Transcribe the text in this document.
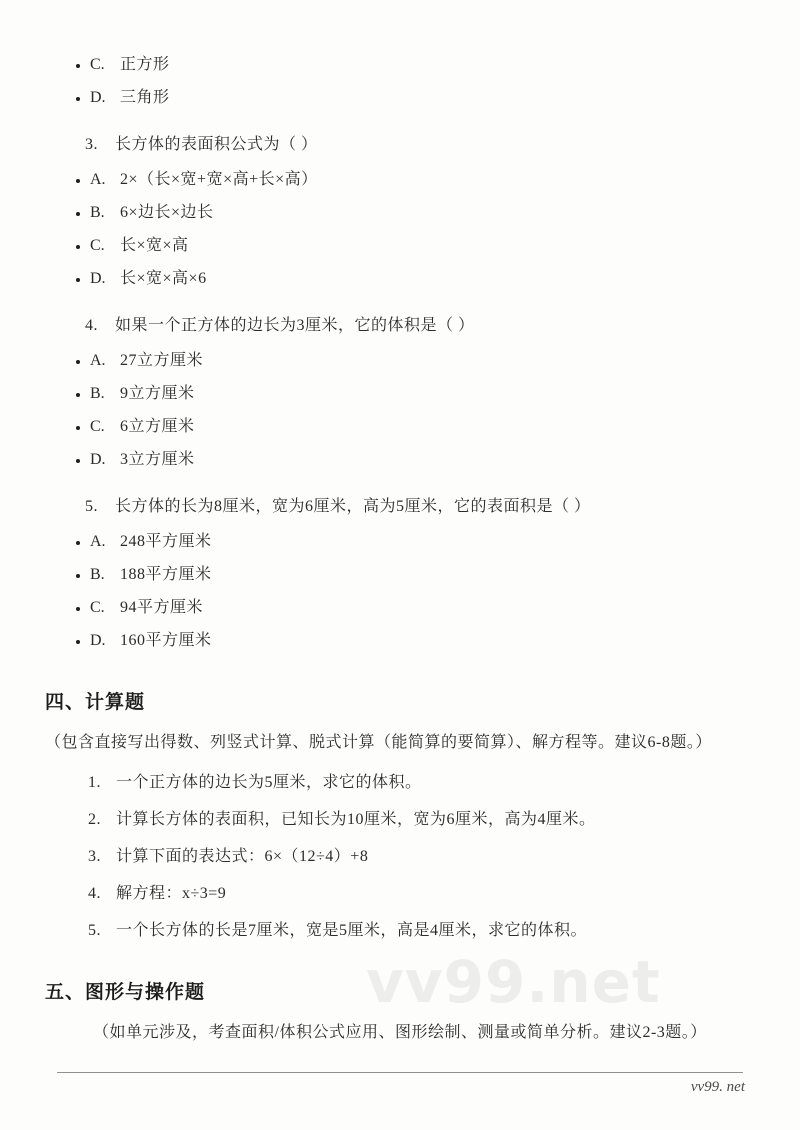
vv99.net
• C. 正方形
• D. 三角形

3. 长方体的表面积公式为（ ）

• A. 2×（长×宽+宽×高+长×高）
• B. 6×边长×边长
• C. 长×宽×高
• D. 长×宽×高×6

4. 如果一个正方体的边长为3厘米，它的体积是（ ）

• A. 27立方厘米
• B. 9立方厘米
• C. 6立方厘米
• D. 3立方厘米

5. 长方体的长为8厘米，宽为6厘米，高为5厘米，它的表面积是（ ）

• A. 248平方厘米
• B. 188平方厘米
• C. 94平方厘米
• D. 160平方厘米
四、计算题

（包含直接写出得数、列竖式计算、脱式计算（能简算的要简算）、解方程等。建议6-8题。）

1. 一个正方体的边长为5厘米，求它的体积。

2. 计算长方体的表面积，已知长为10厘米，宽为6厘米，高为4厘米。

3. 计算下面的表达式：6×（12÷4）+8

4. 解方程：x÷3=9

5. 一个长方体的长是7厘米，宽是5厘米，高是4厘米，求它的体积。

五、图形与操作题

（如单元涉及，考查面积/体积公式应用、图形绘制、测量或简单分析。建议2-3题。）

vv99. net
